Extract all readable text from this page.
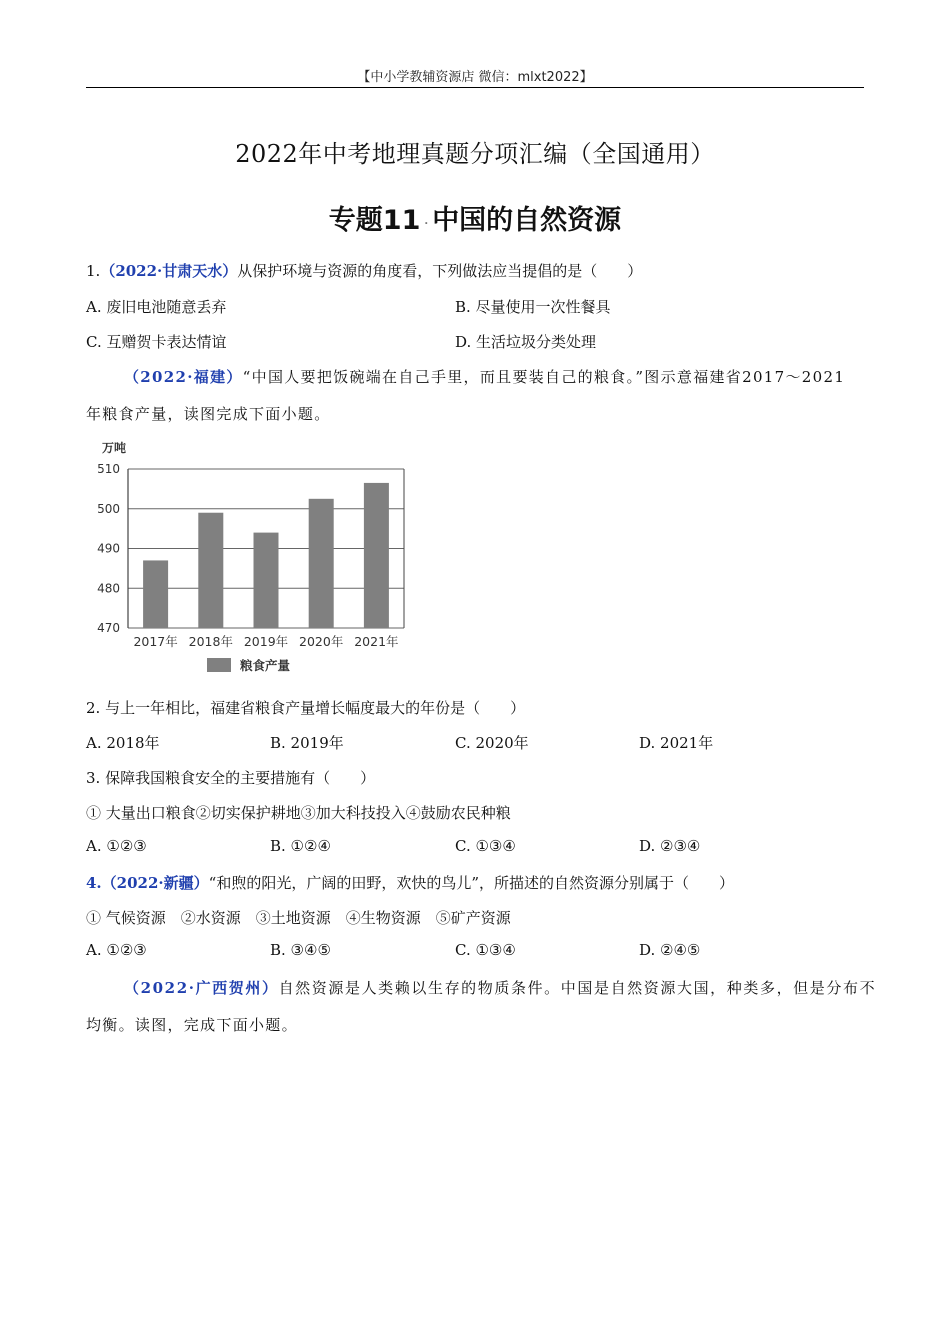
【中小学教辅资源店 微信：mlxt2022】
2022年中考地理真题分项汇编（全国通用）
专题11 . 中国的自然资源
1.（2022·甘肃天水）从保护环境与资源的角度看，下列做法应当提倡的是（　　）
A. 废旧电池随意丢弃	B. 尽量使用一次性餐具
C. 互赠贺卡表达情谊	D. 生活垃圾分类处理
（2022·福建）“中国人要把饭碗端在自己手里，而且要装自己的粮食。”图示意福建省2017～2021
年粮食产量，读图完成下面小题。
万吨
510
500
490
480
470
2017年 2018年 2019年 2020年 2021年
粮食产量
2. 与上一年相比，福建省粮食产量增长幅度最大的年份是（　　）
A. 2018年	B. 2019年	C. 2020年	D. 2021年
3. 保障我国粮食安全的主要措施有（　　）
① 大量出口粮食②切实保护耕地③加大科技投入④鼓励农民种粮
A. ①②③	B. ①②④	C. ①③④	D. ②③④
4.（2022·新疆）“和煦的阳光，广阔的田野，欢快的鸟儿”，所描述的自然资源分别属于（　　）
① 气候资源　②水资源　③土地资源　④生物资源　⑤矿产资源
A. ①②③	B. ③④⑤	C. ①③④	D. ②④⑤
（2022·广西贺州）自然资源是人类赖以生存的物质条件。中国是自然资源大国，种类多，但是分布不
均衡。读图，完成下面小题。
